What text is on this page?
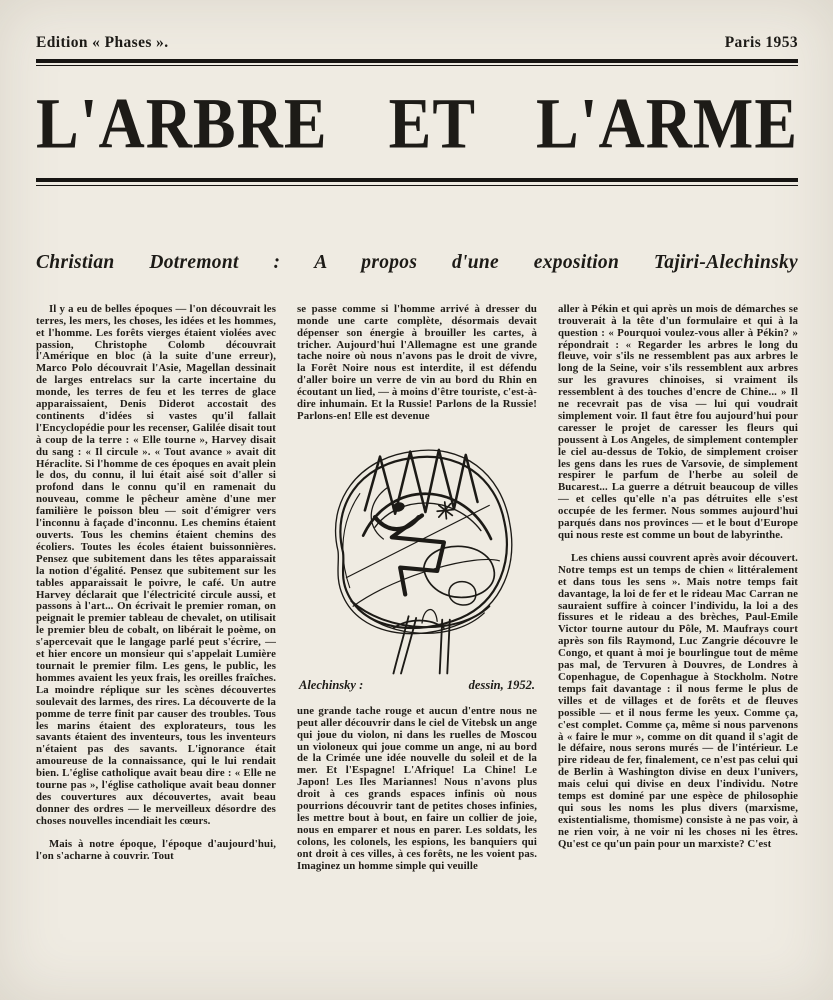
Edition « Phases ».	Paris 1953
L'ARBRE ET L'ARME
Christian Dotremont : A propos d'une exposition Tajiri-Alechinsky

Il y a eu de belles époques — l'on découvrait les terres, les mers, les choses, les idées et les hommes, et l'homme. Les forêts vierges étaient violées avec passion, Christophe Colomb découvrait l'Amérique en bloc (à la suite d'une erreur), Marco Polo découvrait l'Asie, Magellan dessinait de larges entrelacs sur la carte incertaine du monde, les terres de feu et les terres de glace apparaissaient, Denis Diderot accostait des continents d'idées si vastes qu'il fallait l'Encyclopédie pour les recenser, Galilée disait tout à coup de la terre : « Elle tourne », Harvey disait du sang : « Il circule ». « Tout avance » avait dit Héraclite. Si l'homme de ces époques en avait plein le dos, du connu, il lui était aisé soit d'aller si profond dans le connu qu'il en ramenait du nouveau, comme le pêcheur amène d'une mer familière le poisson bleu — soit d'émigrer vers l'inconnu à façade d'inconnu. Les chemins étaient ouverts. Tous les chemins étaient chemins des écoliers. Toutes les écoles étaient buissonnières. Pensez que subitement dans les têtes apparaissait la notion d'égalité. Pensez que subitement sur les tables apparaissait le poivre, le café. Un autre Harvey déclarait que l'électricité circule aussi, et passons à l'art... On écrivait le premier roman, on peignait le premier tableau de chevalet, on utilisait le premier bleu de cobalt, on libérait le poème, on s'apercevait que le langage parlé peut s'écrire, — et hier encore un monsieur qui s'appelait Lumière tournait le premier film. Les gens, le public, les hommes avaient les yeux frais, les oreilles fraîches. La moindre réplique sur les scènes découvertes soulevait des larmes, des rires. La découverte de la pomme de terre finit par causer des troubles. Tous les marins étaient des explorateurs, tous les savants étaient des inventeurs, tous les inventeurs n'étaient pas des savants. L'ignorance était amoureuse de la connaissance, qui le lui rendait bien. L'église catholique avait beau dire : « Elle ne tourne pas », l'église catholique avait beau donner des couvertures aux découvertes, avait beau donner des ordres — le merveilleux désordre des choses nouvelles incendiait les cœurs.

Mais à notre époque, l'époque d'aujourd'hui, l'on s'acharne à couvrir. Tout

se passe comme si l'homme arrivé à dresser du monde une carte complète, désormais devait dépenser son énergie à brouiller les cartes, à tricher. Aujourd'hui l'Allemagne est une grande tache noire où nous n'avons pas le droit de vivre, la Forêt Noire nous est interdite, il est défendu d'aller boire un verre de vin au bord du Rhin en écoutant un lied, — à moins d'être touriste, c'est-à-dire inhumain. Et la Russie! Parlons de la Russie! Parlons-en! Elle est devenue

Alechinsky :	dessin, 1952.

une grande tache rouge et aucun d'entre nous ne peut aller découvrir dans le ciel de Vitebsk un ange qui joue du violon, ni dans les ruelles de Moscou un violoneux qui joue comme un ange, ni au bord de la Crimée une idée nouvelle du soleil et de la mer. Et l'Espagne! L'Afrique! La Chine! Le Japon! Les Iles Mariannes! Nous n'avons plus droit à ces grands espaces infinis où nous pourrions découvrir tant de petites choses infinies, les mettre bout à bout, en faire un collier de joie, nous en emparer et nous en parer. Les soldats, les colons, les colonels, les espions, les banquiers qui ont droit à ces villes, à ces forêts, ne les voient pas. Imaginez un homme simple qui veuille

aller à Pékin et qui après un mois de démarches se trouverait à la tête d'un formulaire et qui à la question : « Pourquoi voulez-vous aller à Pékin? » répondrait : « Regarder les arbres le long du fleuve, voir s'ils ne ressemblent pas aux arbres le long de la Seine, voir s'ils ressemblent aux arbres sur les gravures chinoises, si vraiment ils ressemblent à des touches d'encre de Chine... » Il ne recevrait pas de visa — lui qui voudrait simplement voir. Il faut être fou aujourd'hui pour caresser le projet de caresser les fleurs qui poussent à Los Angeles, de simplement contempler le ciel au-dessus de Tokio, de simplement croiser les gens dans les rues de Varsovie, de simplement respirer le parfum de l'herbe au soleil de Bucarest... La guerre a détruit beaucoup de villes — et celles qu'elle n'a pas détruites elle s'est occupée de les fermer. Nous sommes aujourd'hui parqués dans nos provinces — et le bout d'Europe qui nous reste est comme un bout de labyrinthe.

Les chiens aussi couvrent après avoir découvert. Notre temps est un temps de chien « littéralement et dans tous les sens ». Mais notre temps fait davantage, la loi de fer et le rideau Mac Carran ne sauraient suffire à coincer l'individu, la loi a des fissures et le rideau a des brèches, Paul-Emile Victor tourne autour du Pôle, M. Maufrays court après son fils Raymond, Luc Zangrie découvre le Congo, et quant à moi je bourlingue tout de même pas mal, de Tervuren à Douvres, de Londres à Copenhague, de Copenhague à Stockholm. Notre temps fait davantage : il nous ferme le plus de villes et de villages et de forêts et de fleuves possible — et il nous ferme les yeux. Comme ça, c'est complet. Comme ça, même si nous parvenons à « faire le mur », comme on dit quand il s'agit de le défaire, nous serons murés — de l'intérieur. Le pire rideau de fer, finalement, ce n'est pas celui qui de Berlin à Washington divise en deux l'univers, mais celui qui divise en deux l'individu. Notre temps est dominé par une espèce de philosophie qui sous les noms les plus divers (marxisme, existentialisme, thomisme) consiste à ne pas voir, à ne rien voir, à ne voir ni les choses ni les êtres. Qu'est ce qu'un pain pour un marxiste? C'est
